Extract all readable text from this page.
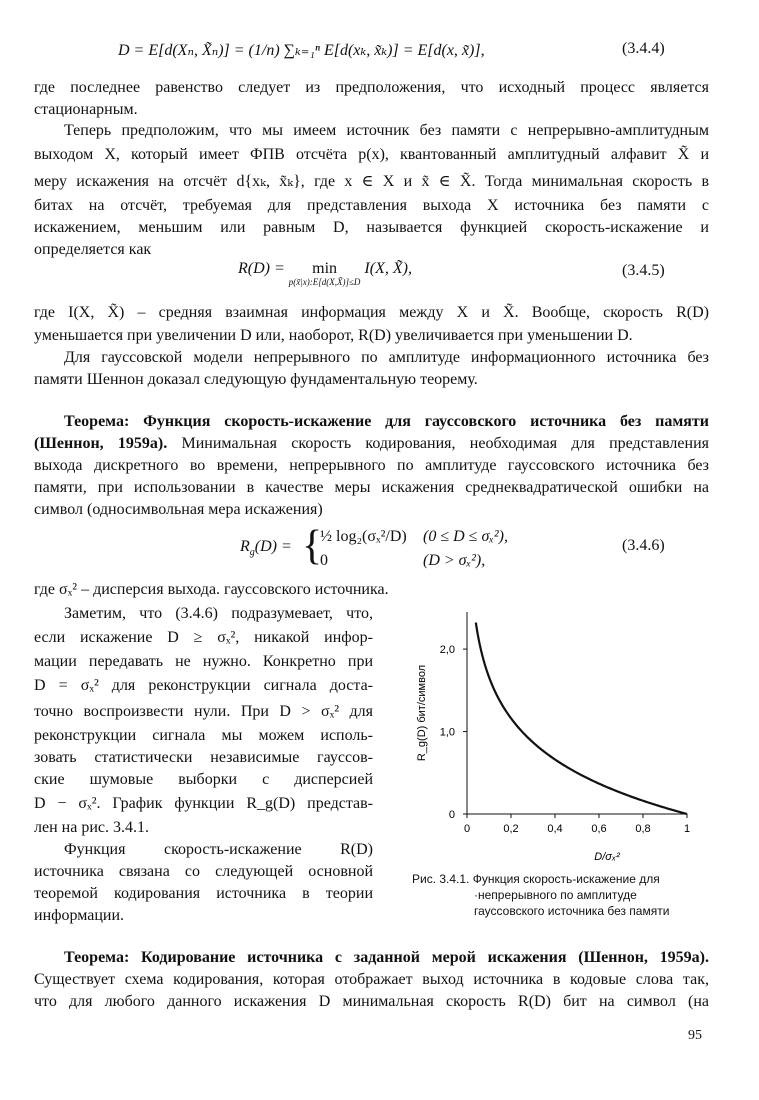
D = E[d(Xₙ, X̃ₙ)] = (1/n) ∑ₖ₌₁ⁿ E[d(xₖ, x̃ₖ)] = E[d(x, x̃)],	(3.4.4)
где последнее равенство следует из предположения, что исходный процесс является
стационарным.
Теперь предположим, что мы имеем источник без памяти с непрерывно-амплитудным
выходом X, который имеет ФПВ отсчёта p(x), квантованный амплитудный алфавит X̃ и
меру искажения на отсчёт d{xₖ, x̃ₖ}, где x ∈ X и x̃ ∈ X̃. Тогда минимальная скорость в
битах на отсчёт, требуемая для представления выхода X источника без памяти с
искажением, меньшим или равным D, называется функцией скорость-искажение и
определяется как
R(D) = min
$^{p(x̃|x):E[d(X,X̃)]\le D}$ I(X, X̃),	(3.4.5)
где I(X, X̃) – средняя взаимная информация между X и X̃. Вообще, скорость R(D)
уменьшается при увеличении D или, наоборот, R(D) увеличивается при уменьшении D.
Для гауссовской модели непрерывного по амплитуде информационного источника без
памяти Шеннон доказал следующую фундаментальную теорему.
Теорема: Функция скорость-искажение для гауссовского источника без памяти
(Шеннон, 1959а). Минимальная скорость кодирования, необходимая для представления
выхода дискретного во времени, непрерывного по амплитуде гауссовского источника без
памяти, при использовании в качестве меры искажения среднеквадратической ошибки на
символ (односимвольная мера искажения)
$R_g(D)$ = {
½ log₂(σₓ²/D) (0 ≤ D ≤ σₓ²),
0	(D > σₓ²),
(3.4.6)
где σₓ² – дисперсия выхода. гауссовского источника.
Заметим, что (3.4.6) подразумевает, что,
если искажение D ≥ σₓ², никакой инфор-
мации передавать не нужно. Конкретно при
D = σₓ² для реконструкции сигнала доста-
точно воспроизвести нули. При D > σₓ² для
реконструкции сигнала мы можем исполь-
зовать статистически независимые гауссов-
ские шумовые выборки с дисперсией
D − σₓ². График функции R_g(D) представ-
лен на рис. 3.4.1.
Функция скорость-искажение R(D)
источника связана со следующей основной
теоремой кодирования источника в теории
информации.
0	0,2	0,4	0,6	0,8	1
0
1,0
2,0
D/σₓ²
R_g(D) бит/символ
Рис. 3.4.1. Функция скорость-искажение для
·непрерывного по амплитуде
гауссовского источника без памяти
Теорема: Кодирование источника с заданной мерой искажения (Шеннон, 1959а).
Существует схема кодирования, которая отображает выход источника в кодовые слова так,
что для любого данного искажения D минимальная скорость R(D) бит на символ (на
95
